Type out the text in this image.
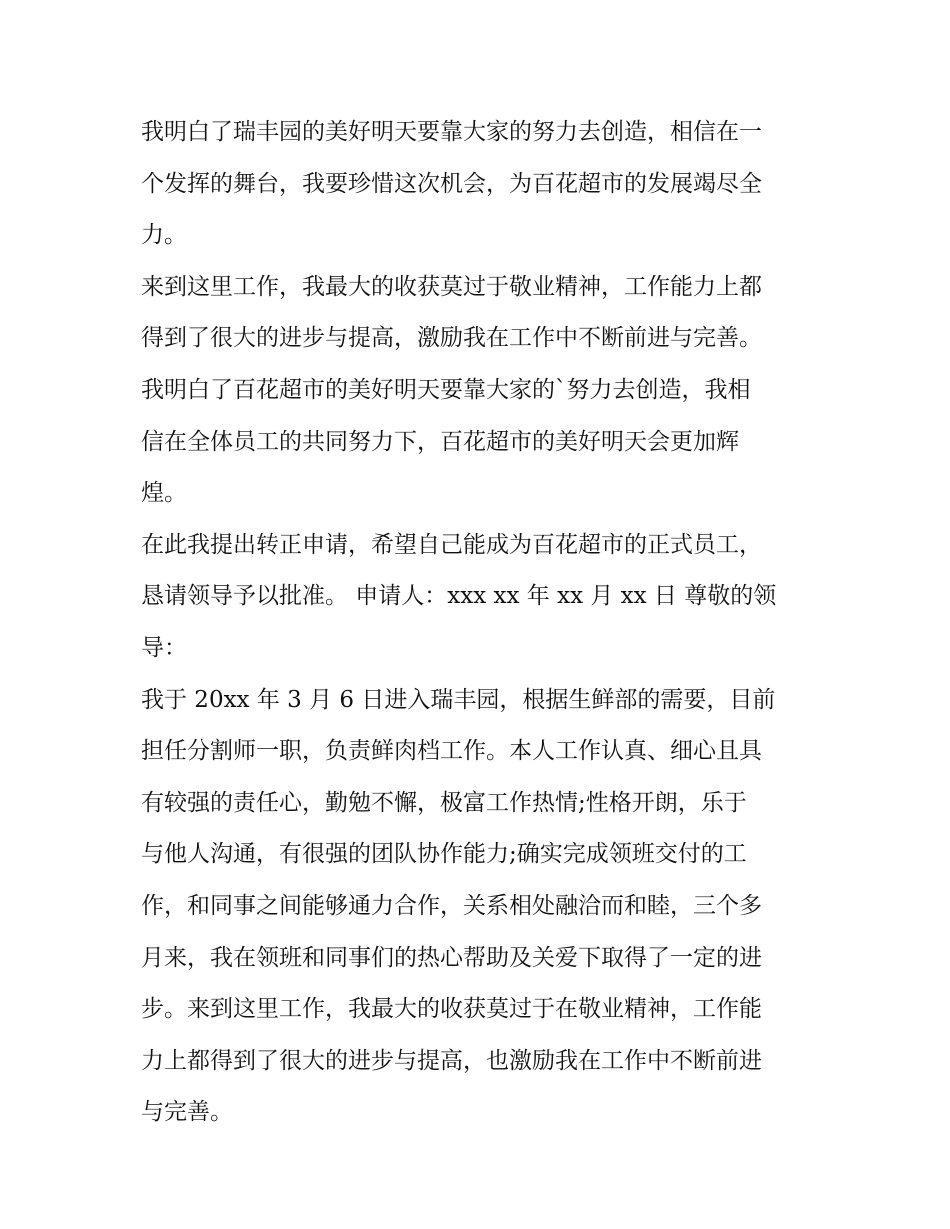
我明白了瑞丰园的美好明天要靠大家的努力去创造，相信在一
个发挥的舞台，我要珍惜这次机会，为百花超市的发展竭尽全
力。
来到这里工作，我最大的收获莫过于敬业精神，工作能力上都
得到了很大的进步与提高，激励我在工作中不断前进与完善。
我明白了百花超市的美好明天要靠大家的`努力去创造，我相
信在全体员工的共同努力下，百花超市的美好明天会更加辉
煌。
在此我提出转正申请，希望自己能成为百花超市的正式员工，
恳请领导予以批准。 申请人：xxx xx 年 xx 月 xx 日 尊敬的领
导：
我于 20xx 年 3 月 6 日进入瑞丰园，根据生鲜部的需要，目前
担任分割师一职，负责鲜肉档工作。本人工作认真、细心且具
有较强的责任心，勤勉不懈，极富工作热情;性格开朗，乐于
与他人沟通，有很强的团队协作能力;确实完成领班交付的工
作，和同事之间能够通力合作，关系相处融洽而和睦，三个多
月来，我在领班和同事们的热心帮助及关爱下取得了一定的进
步。来到这里工作，我最大的收获莫过于在敬业精神，工作能
力上都得到了很大的进步与提高，也激励我在工作中不断前进
与完善。
